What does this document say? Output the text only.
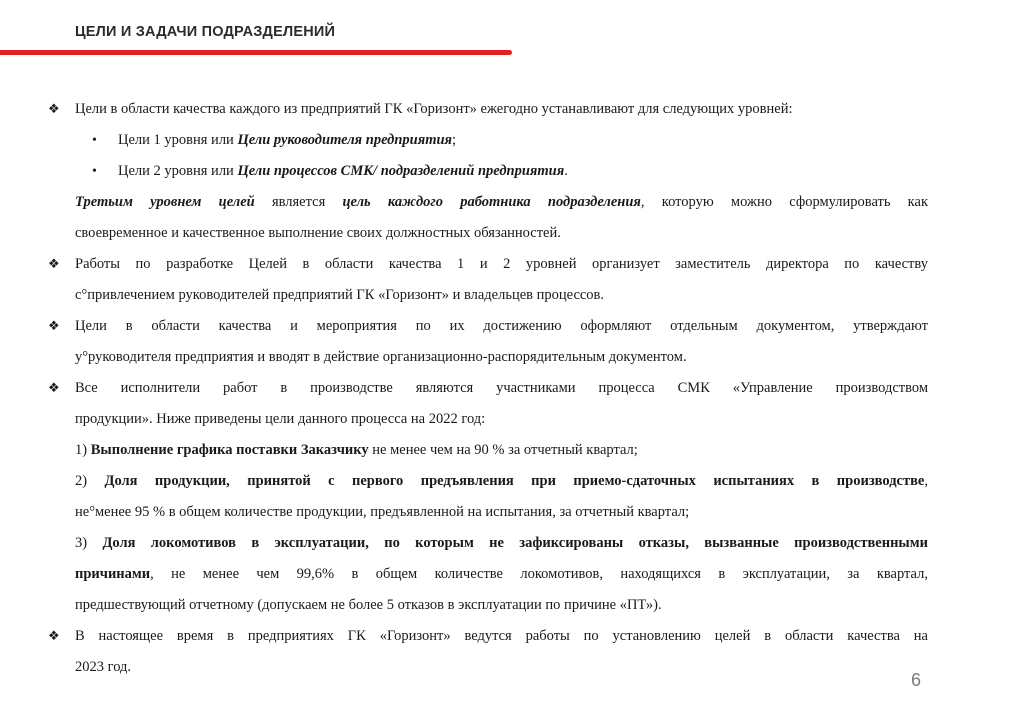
ЦЕЛИ И ЗАДАЧИ ПОДРАЗДЕЛЕНИЙ
❖ Цели в области качества каждого из предприятий ГК «Горизонт» ежегодно устанавливают для следующих уровней:
• Цели 1 уровня или Цели руководителя предприятия;
• Цели 2 уровня или Цели процессов СМК/ подразделений предприятия.
Третьим уровнем целей является цель каждого работника подразделения, которую можно сформулировать как
своевременное и качественное выполнение своих должностных обязанностей.
❖ Работы по разработке Целей в области качества 1 и 2 уровней организует заместитель директора по качеству
с°привлечением руководителей предприятий ГК «Горизонт» и владельцев процессов.
❖ Цели в области качества и мероприятия по их достижению оформляют отдельным документом, утверждают
у°руководителя предприятия и вводят в действие организационно-распорядительным документом.
❖ Все исполнители работ в производстве являются участниками процесса СМК «Управление производством
продукции». Ниже приведены цели данного процесса на 2022 год:
1) Выполнение графика поставки Заказчику не менее чем на 90 % за отчетный квартал;
2) Доля продукции, принятой с первого предъявления при приемо-сдаточных испытаниях в производстве,
не°менее 95 % в общем количестве продукции, предъявленной на испытания, за отчетный квартал;
3) Доля локомотивов в эксплуатации, по которым не зафиксированы отказы, вызванные производственными
причинами, не менее чем 99,6% в общем количестве локомотивов, находящихся в эксплуатации, за квартал,
предшествующий отчетному (допускаем не более 5 отказов в эксплуатации по причине «ПТ»).
❖ В настоящее время в предприятиях ГК «Горизонт» ведутся работы по установлению целей в области качества на
2023 год.
6
